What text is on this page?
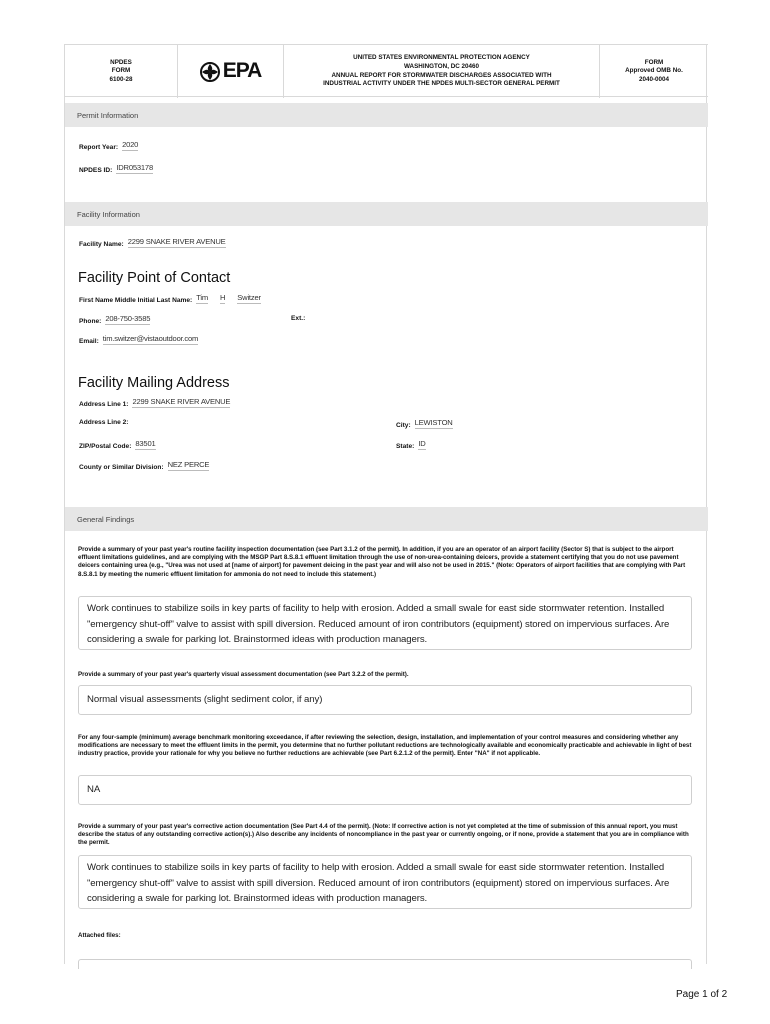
NPDES
FORM
6100-28	EPA
UNITED STATES ENVIRONMENTAL PROTECTION AGENCY
WASHINGTON, DC 20460
ANNUAL REPORT FOR STORMWATER DISCHARGES ASSOCIATED WITH
INDUSTRIAL ACTIVITY UNDER THE NPDES MULTI-SECTOR GENERAL PERMIT
FORM
Approved OMB No.
2040-0004
Permit Information
Report Year: 2020
NPDES ID: IDR053178
Facility Information
Facility Name: 2299 SNAKE RIVER AVENUE
Facility Point of Contact
First Name Middle Initial Last Name: Tim H Switzer
Phone: 208-750-3585	Ext.:
Email: tim.switzer@vistaoutdoor.com
Facility Mailing Address
Address Line 1: 2299 SNAKE RIVER AVENUE
Address Line 2:	City: LEWISTON
ZIP/Postal Code: 83501	State: ID
County or Similar Division: NEZ PERCE
General Findings
Provide a summary of your past year's routine facility inspection documentation (see Part 3.1.2 of the permit). In addition, if you are an operator of an airport facility (Sector S) that is subject to the airport effluent limitations guidelines, and are complying with the MSGP Part 8.S.8.1 effluent limitation through the use of non-urea-containing deicers, provide a statement certifying that you do not use pavement deicers containing urea (e.g., "Urea was not used at [name of airport] for pavement deicing in the past year and will also not be used in 2015." (Note: Operators of airport facilities that are complying with Part 8.S.8.1 by meeting the numeric effluent limitation for ammonia do not need to include this statement.)
Work continues to stabilize soils in key parts of facility to help with erosion. Added a small swale for east side stormwater retention. Installed "emergency shut-off" valve to assist with spill diversion. Reduced amount of iron contributors (equipment) stored on impervious surfaces. Are considering a swale for parking lot. Brainstormed ideas with production managers.
Provide a summary of your past year's quarterly visual assessment documentation (see Part 3.2.2 of the permit).
Normal visual assessments (slight sediment color, if any)
For any four-sample (minimum) average benchmark monitoring exceedance, if after reviewing the selection, design, installation, and implementation of your control measures and considering whether any modifications are necessary to meet the effluent limits in the permit, you determine that no further pollutant reductions are technologically available and economically practicable and achievable in light of best industry practice, provide your rationale for why you believe no further reductions are achievable (see Part 6.2.1.2 of the permit). Enter "NA" if not applicable.
NA
Provide a summary of your past year's corrective action documentation (See Part 4.4 of the permit). (Note: If corrective action is not yet completed at the time of submission of this annual report, you must describe the status of any outstanding corrective action(s).) Also describe any incidents of noncompliance in the past year or currently ongoing, or if none, provide a statement that you are in compliance with the permit.
Work continues to stabilize soils in key parts of facility to help with erosion. Added a small swale for east side stormwater retention. Installed "emergency shut-off" valve to assist with spill diversion. Reduced amount of iron contributors (equipment) stored on impervious surfaces. Are considering a swale for parking lot. Brainstormed ideas with production managers.
Attached files:
Page 1 of 2
